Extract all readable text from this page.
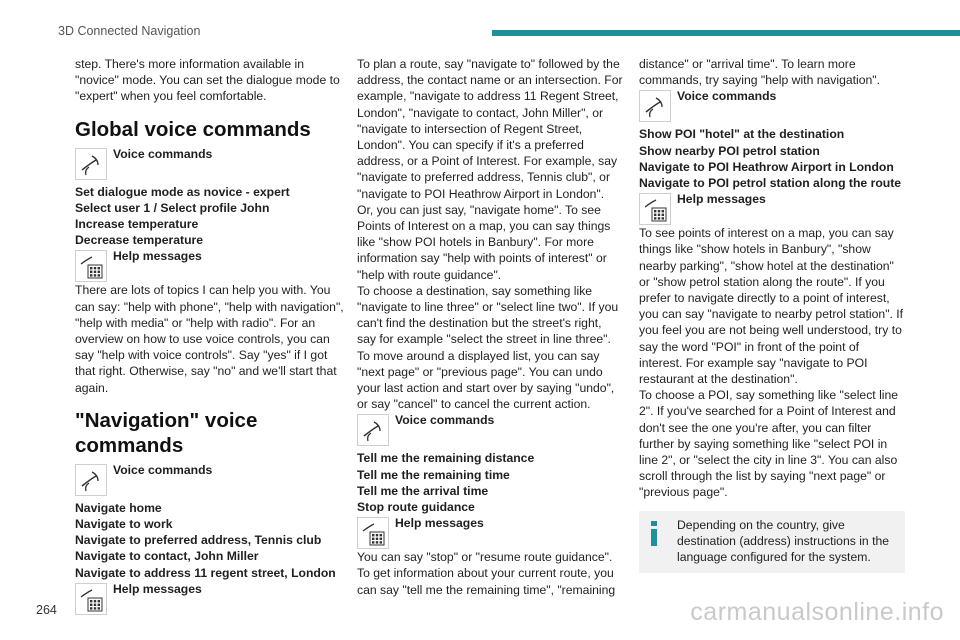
3D Connected Navigation

step. There's more information available in "novice" mode. You can set the dialogue mode to "expert" when you feel comfortable.

Global voice commands
Voice commands
Set dialogue mode as novice - expert
Select user 1 / Select profile John
Increase temperature
Decrease temperature
Help messages

There are lots of topics I can help you with. You can say: "help with phone", "help with navigation", "help with media" or "help with radio". For an overview on how to use voice controls, you can say "help with voice controls". Say "yes" if I got that right. Otherwise, say "no" and we'll start that again.

"Navigation" voice commands
Voice commands
Navigate home
Navigate to work
Navigate to preferred address, Tennis club
Navigate to contact, John Miller
Navigate to address 11 regent street, London
Help messages

To plan a route, say "navigate to" followed by the address, the contact name or an intersection. For example, "navigate to address 11 Regent Street, London", "navigate to contact, John Miller", or "navigate to intersection of Regent Street, London". You can specify if it's a preferred address, or a Point of Interest. For example, say "navigate to preferred address, Tennis club", or "navigate to POI Heathrow Airport in London". Or, you can just say, "navigate home". To see Points of Interest on a map, you can say things like "show POI hotels in Banbury". For more information say "help with points of interest" or "help with route guidance".

To choose a destination, say something like "navigate to line three" or "select line two". If you can't find the destination but the street's right, say for example "select the street in line three". To move around a displayed list, you can say "next page" or "previous page". You can undo your last action and start over by saying "undo", or say "cancel" to cancel the current action.

Voice commands
Tell me the remaining distance
Tell me the remaining time
Tell me the arrival time
Stop route guidance
Help messages

You can say "stop" or "resume route guidance". To get information about your current route, you can say "tell me the remaining time", "remaining

distance" or "arrival time". To learn more commands, try saying "help with navigation".

Voice commands
Show POI "hotel" at the destination
Show nearby POI petrol station
Navigate to POI Heathrow Airport in London
Navigate to POI petrol station along the route
Help messages

To see points of interest on a map, you can say things like "show hotels in Banbury", "show nearby parking", "show hotel at the destination" or "show petrol station along the route". If you prefer to navigate directly to a point of interest, you can say "navigate to nearby petrol station". If you feel you are not being well understood, try to say the word "POI" in front of the point of interest. For example say "navigate to POI restaurant at the destination".

To choose a POI, say something like "select line 2". If you've searched for a Point of Interest and don't see the one you're after, you can filter further by saying something like "select POI in line 2", or "select the city in line 3". You can also scroll through the list by saying "next page" or "previous page".

Depending on the country, give destination (address) instructions in the language configured for the system.
264	carmanualsonline.info
